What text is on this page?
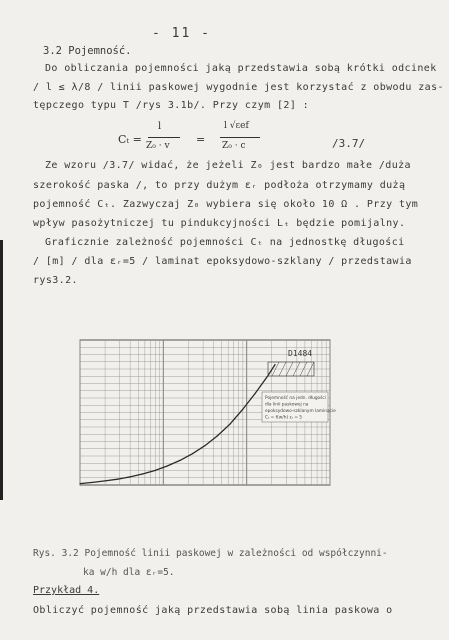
- 11 -
3.2 Pojemność.
Do obliczania pojemności jaką przedstawia sobą krótki odcinek
/ l ≤ λ/8 / linii paskowej wygodnie jest korzystać z obwodu zas-
tępczego typu T /rys 3.1b/. Przy czym [2] :
Cₜ =
l
Z₀ · v =
l √εef
Z₀ · c	/3.7/
Ze wzoru /3.7/ widać, że jeżeli Z₀ jest bardzo małe /duża
szerokość paska /, to przy dużym εᵣ podłoża otrzymamy dużą
pojemność Cₜ. Zazwyczaj Z₀ wybiera się około 10 Ω . Przy tym
wpływ pasożytniczej tu pindukcyjności Lₜ będzie pomijalny.
Graficznie zależność pojemności Cₜ na jednostkę długości
/ [m] / dla εᵣ=5 / laminat epoksydowo-szklany / przedstawia
rys3.2.
D1484
Pojemność na jedn. długości
dla linii paskowej na
epoksydowo-szklanym laminacie
Cₜ = f(w/h) εᵣ = 5
Rys. 3.2 Pojemność linii paskowej w zależności od współczynni-
ka w/h dla εᵣ=5.
Przykład 4.
Obliczyć pojemność jaką przedstawia sobą linia paskowa o
